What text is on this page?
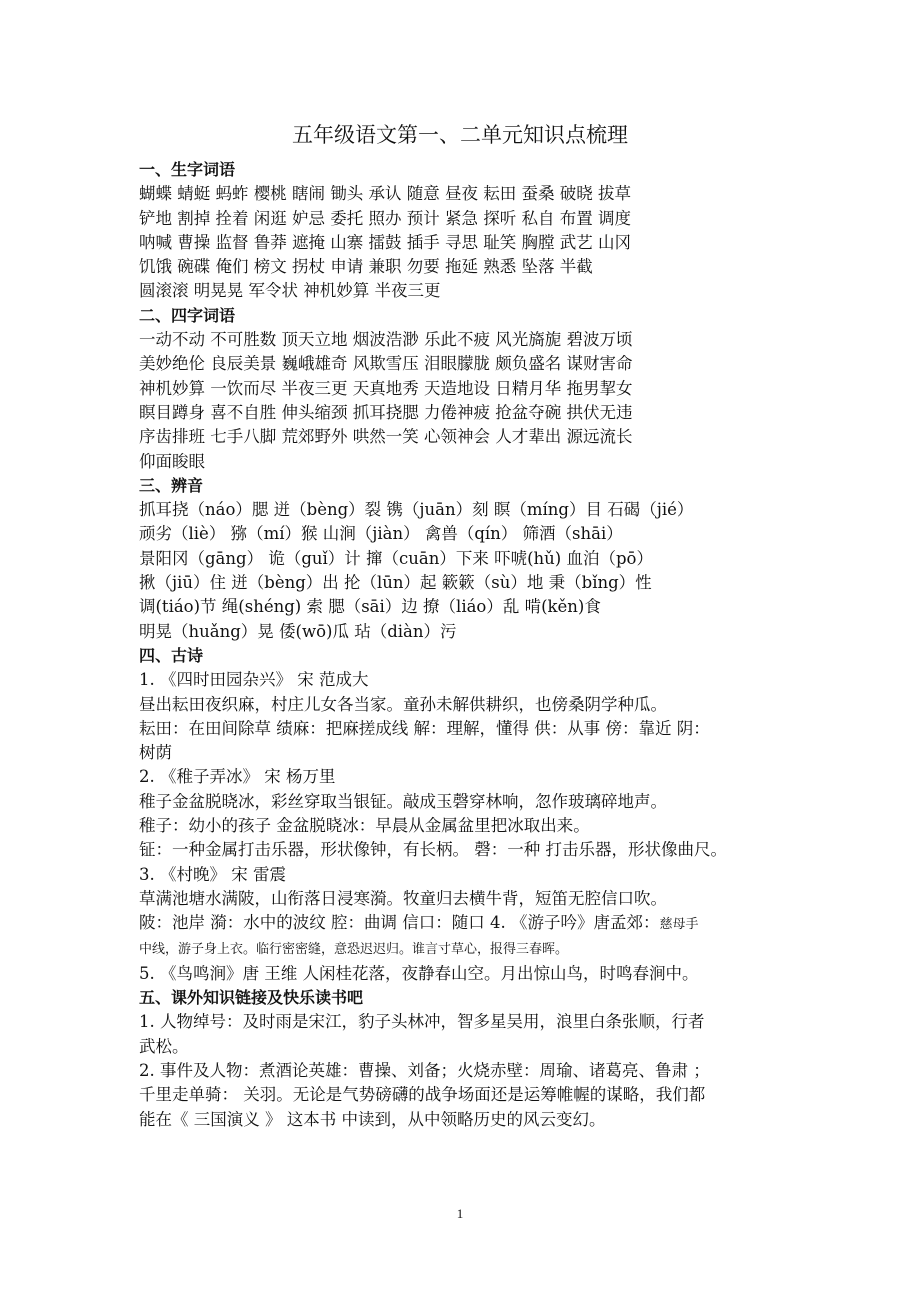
五年级语文第一、二单元知识点梳理
一、生字词语
蝴蝶 蜻蜓 蚂蚱 樱桃 瞎闹 锄头 承认 随意 昼夜 耘田 蚕桑 破晓 拔草
铲地 割掉 拴着 闲逛 妒忌 委托 照办 预计 紧急 探听 私自 布置 调度
呐喊 曹操 监督 鲁莽 遮掩 山寨 擂鼓 插手 寻思 耻笑 胸膛 武艺 山冈
饥饿 碗碟 俺们 榜文 拐杖 申请 兼职 勿要 拖延 熟悉 坠落 半截
圆滚滚 明晃晃 军令状 神机妙算 半夜三更
二、四字词语
一动不动 不可胜数 顶天立地 烟波浩渺 乐此不疲 风光旖旎 碧波万顷
美妙绝伦 良辰美景 巍峨雄奇 风欺雪压 泪眼朦胧 颇负盛名 谋财害命
神机妙算 一饮而尽 半夜三更 天真地秀 天造地设 日精月华 拖男挈女
瞑目蹲身 喜不自胜 伸头缩颈 抓耳挠腮 力倦神疲 抢盆夺碗 拱伏无违
序齿排班 七手八脚 荒郊野外 哄然一笑 心领神会 人才辈出 源远流长
仰面睃眼
三、辨音
抓耳挠（náo）腮 迸（bèng）裂 镌（juān）刻 瞑（míng）目 石碣（jié）
顽劣（liè） 猕（mí）猴 山涧（jiàn） 禽兽（qín） 筛酒（shāi）
景阳冈（gāng） 诡（guǐ）计 撺（cuān）下来 吓唬(hǔ) 血泊（pō）
揪（jiū）住 迸（bèng）出 抡（lūn）起 簌簌（sù）地 秉（bǐng）性
调(tiáo)节 绳(shéng) 索 腮（sāi）边 撩（liáo）乱 啃(kěn)食
明晃（huǎng）晃 倭(wō)瓜 玷（diàn）污
四、古诗
1. 《四时田园杂兴》 宋 范成大
昼出耘田夜织麻，村庄儿女各当家。童孙未解供耕织，也傍桑阴学种瓜。
耘田：在田间除草 绩麻：把麻搓成线 解：理解，懂得 供：从事 傍：靠近 阴：
树荫
2. 《稚子弄冰》 宋 杨万里
稚子金盆脱晓冰，彩丝穿取当银钲。敲成玉磬穿林响，忽作玻璃碎地声。
稚子：幼小的孩子 金盆脱晓冰：早晨从金属盆里把冰取出来。
钲：一种金属打击乐器，形状像钟，有长柄。 磬：一种 打击乐器，形状像曲尺。
3. 《村晚》 宋 雷震
草满池塘水满陂，山衔落日浸寒漪。牧童归去横牛背，短笛无腔信口吹。
陂：池岸 漪：水中的波纹 腔：曲调 信口：随口 4. 《游子吟》唐孟郊：慈母手
中线，游子身上衣。临行密密缝，意恐迟迟归。谁言寸草心，报得三春晖。
5. 《鸟鸣涧》唐 王维 人闲桂花落，夜静春山空。月出惊山鸟，时鸣春涧中。
五、课外知识链接及快乐读书吧
1. 人物绰号：及时雨是宋江，豹子头林冲，智多星吴用，浪里白条张顺，行者
武松。
2. 事件及人物：煮酒论英雄：曹操、刘备；火烧赤壁：周瑜、诸葛亮、鲁肃 ；
千里走单骑： 关羽。无论是气势磅礴的战争场面还是运筹帷幄的谋略，我们都
能在《 三国演义 》 这本书 中读到，从中领略历史的风云变幻。
1
